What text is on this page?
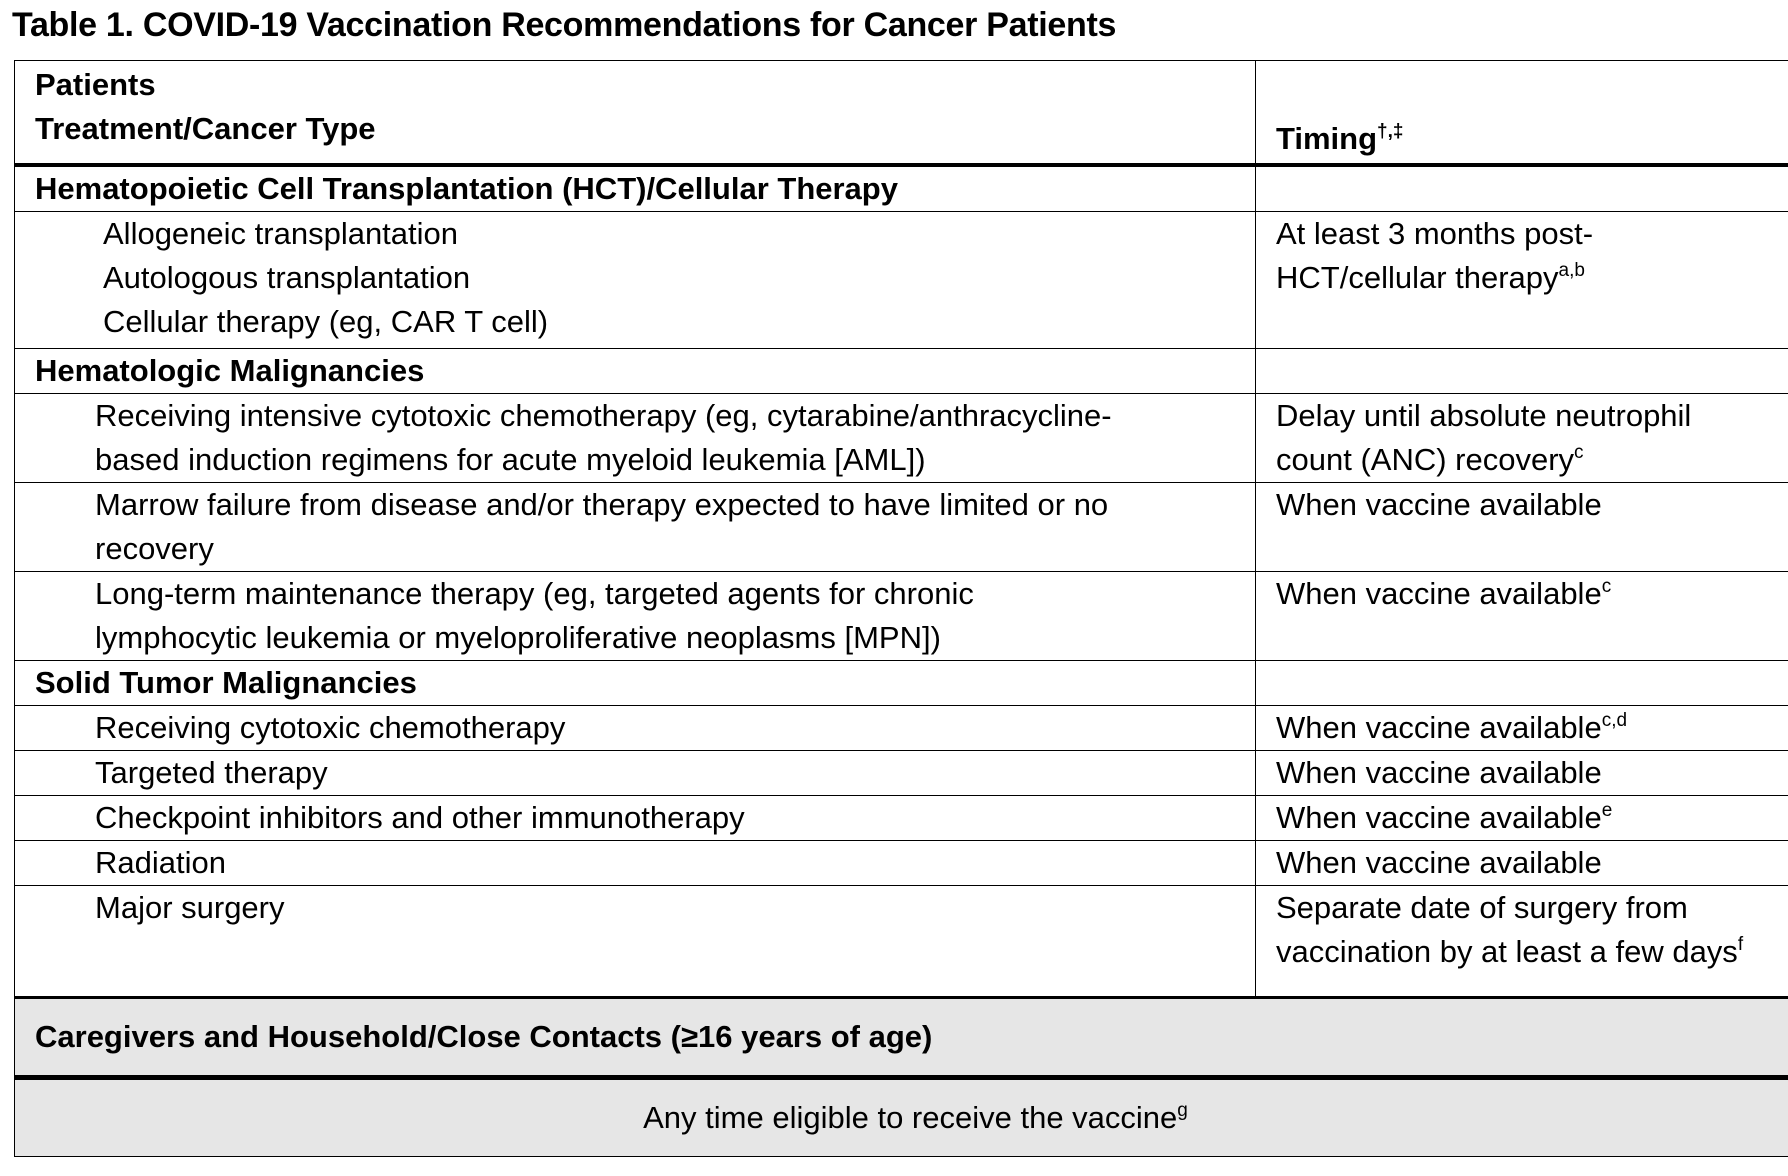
Table 1. COVID-19 Vaccination Recommendations for Cancer Patients
Patients
Treatment/Cancer Type	Timing†,‡
Hematopoietic Cell Transplantation (HCT)/Cellular Therapy	

Allogeneic transplantation
Autologous transplantation
Cellular therapy (eg, CAR T cell)	At least 3 months post-
HCT/cellular therapy$^{a,b}$

Hematologic Malignancies	

Receiving intensive cytotoxic chemotherapy (eg, cytarabine/anthracycline-
based induction regimens for acute myeloid leukemia [AML])	Delay until absolute neutrophil
count (ANC) recovery$^c$

Marrow failure from disease and/or therapy expected to have limited or no
recovery	When vaccine available

Long-term maintenance therapy (eg, targeted agents for chronic
lymphocytic leukemia or myeloproliferative neoplasms [MPN])	When vaccine available$^c$
Solid Tumor Malignancies	
Receiving cytotoxic chemotherapy	When vaccine available$^{c,d}$
Targeted therapy	When vaccine available
Checkpoint inhibitors and other immunotherapy	When vaccine available$^e$
Radiation	When vaccine available
Major surgery	Separate date of surgery from
vaccination by at least a few days$^f$

Caregivers and Household/Close Contacts (≥16 years of age)	
Any time eligible to receive the vaccine$^g$
